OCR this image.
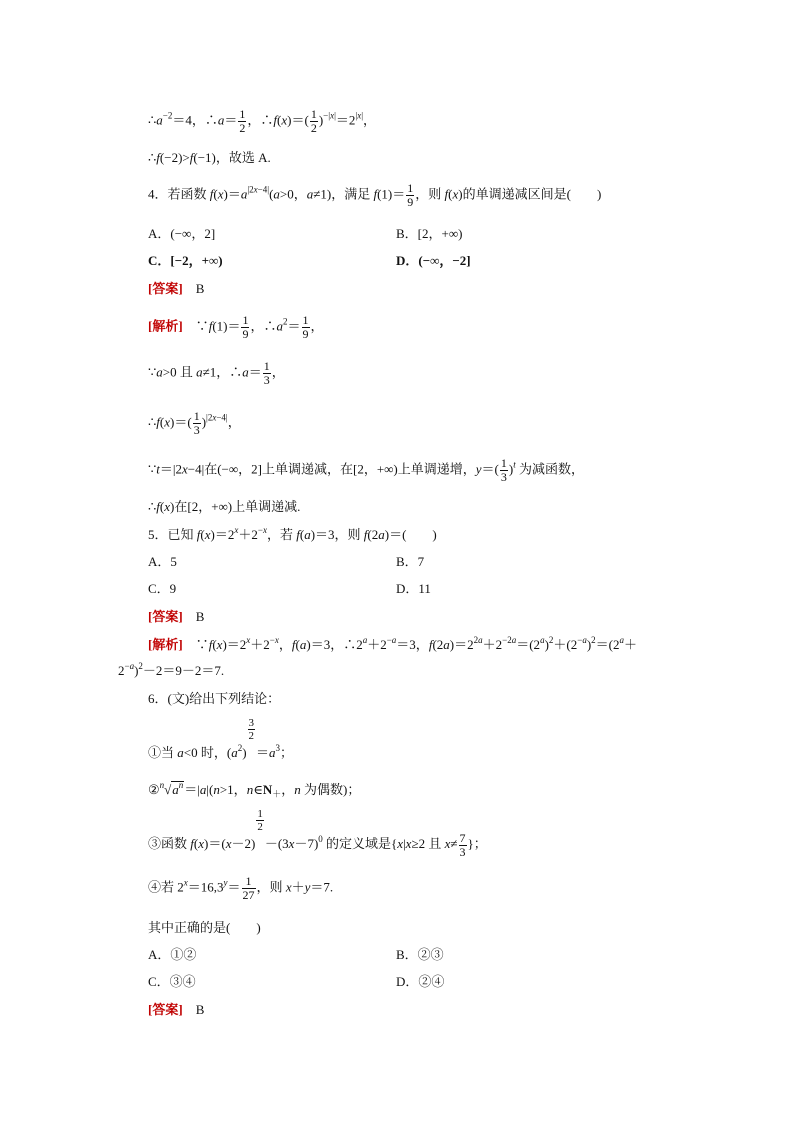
$\therefore a^{-2}=4$，∴a＝ $\frac{1}{2}$ ，∴f(x)＝( $\frac{1}{2} )^{-|x|}=2^{|x|}$，
∴f(−2)>f(−1)，故选 A.
4．若函数 $f(x)=a^{|2x-4|}(a>0$，a≠1)，满足 $f(1)= \frac{1}{9}$ ，则 f(x)的单调递减区间是(　　)
A．(−∞，2]	B．[2，+∞)
C．[−2，+∞)	D．(−∞，−2]
[答案]　 B
[解析]　∵f(1)＝ $\frac{1}{9}$ ，$\therefore a^2= \frac{1}{9}$ ，
∵a>0 且 a≠1，∴a＝ $\frac{1}{3}$ ，
∴f(x)＝( $\frac{1}{3} )^{|2x-4|}$，
∵t＝|2x−4|在(−∞，2]上单调递减，在[2，+∞)上单调递增，$y=( \frac{1}{3} )^t$ 为减函数，
∴f(x)在[2，+∞)上单调递减.
5．已知 $f(x)=2^x+2^{-x}$，若 f(a)＝3，则 f(2a)＝(　　)
A．5	B．7
C．9	D．11
[答案]　 B
[解析]　$\because f(x)=2^x+2^{-x}$，f(a)＝3，$\therefore 2^a+2^{-a}=3$，$f(2a)=2^{2a}+2^{-2a}=(2^a)^2+(2^{-a})^2=(2^a+$
$2^{-a})^2-2=9-2=7$.
6．(文)给出下列结论：
①当 a<0 时，$(a^2)$
$\frac{3}{2}$
$=a^3$；
$②^n√a^n=|a|(n>1$，$n\in N_+$，n 为偶数)；
③函数 f(x)＝(x－2)
$\frac{1}{2}$
$-(3x-7)^0$ 的定义域是{x|x≥2 且 $x\ne \frac{7}{3}$ }；
④若 $2^x=16,3^y= \frac{1}{27}$ ，则 x＋y＝7.
其中正确的是(　　)
A．①②	B．②③
C．③④	D．②④
[答案]　 B
